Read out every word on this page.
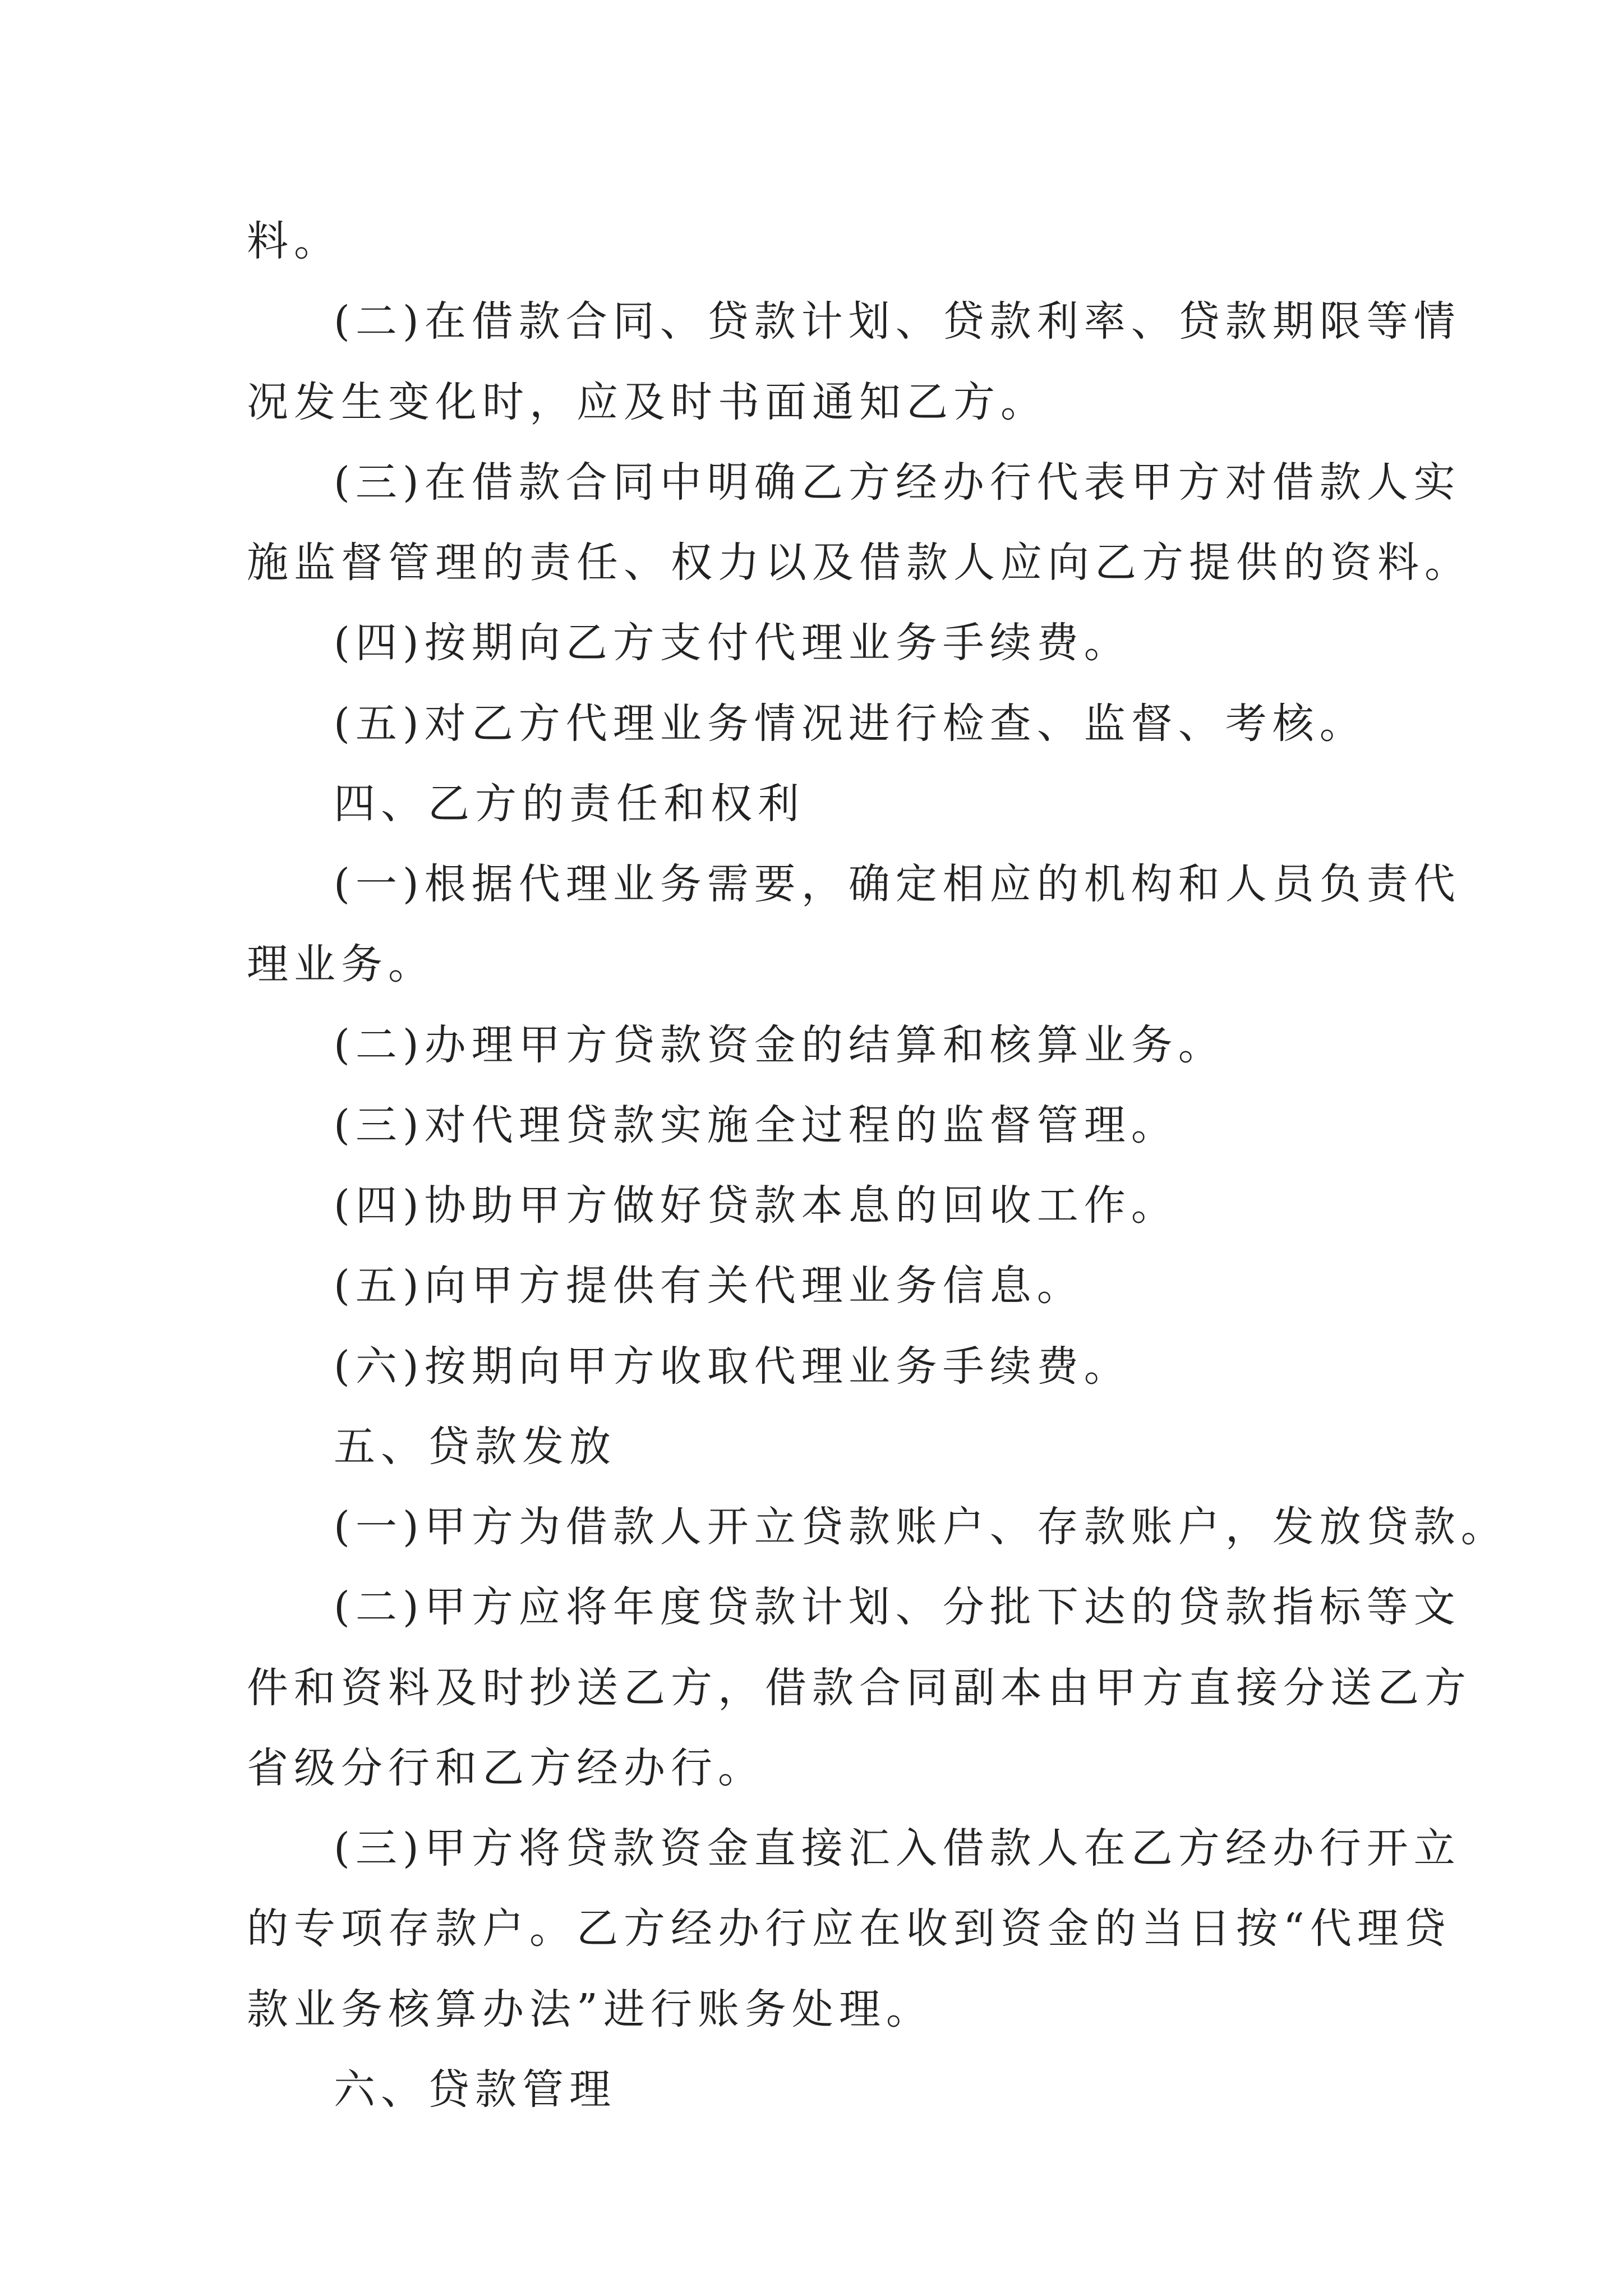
料。

(二)在借款合同、贷款计划、贷款利率、贷款期限等情

况发生变化时，应及时书面通知乙方。

(三)在借款合同中明确乙方经办行代表甲方对借款人实

施监督管理的责任、权力以及借款人应向乙方提供的资料。

(四)按期向乙方支付代理业务手续费。

(五)对乙方代理业务情况进行检查、监督、考核。

四、乙方的责任和权利

(一)根据代理业务需要，确定相应的机构和人员负责代

理业务。

(二)办理甲方贷款资金的结算和核算业务。

(三)对代理贷款实施全过程的监督管理。

(四)协助甲方做好贷款本息的回收工作。

(五)向甲方提供有关代理业务信息。

(六)按期向甲方收取代理业务手续费。

五、贷款发放

(一)甲方为借款人开立贷款账户、存款账户，发放贷款。

(二)甲方应将年度贷款计划、分批下达的贷款指标等文

件和资料及时抄送乙方，借款合同副本由甲方直接分送乙方

省级分行和乙方经办行。

(三)甲方将贷款资金直接汇入借款人在乙方经办行开立

的专项存款户。乙方经办行应在收到资金的当日按“代理贷

款业务核算办法”进行账务处理。

六、贷款管理
